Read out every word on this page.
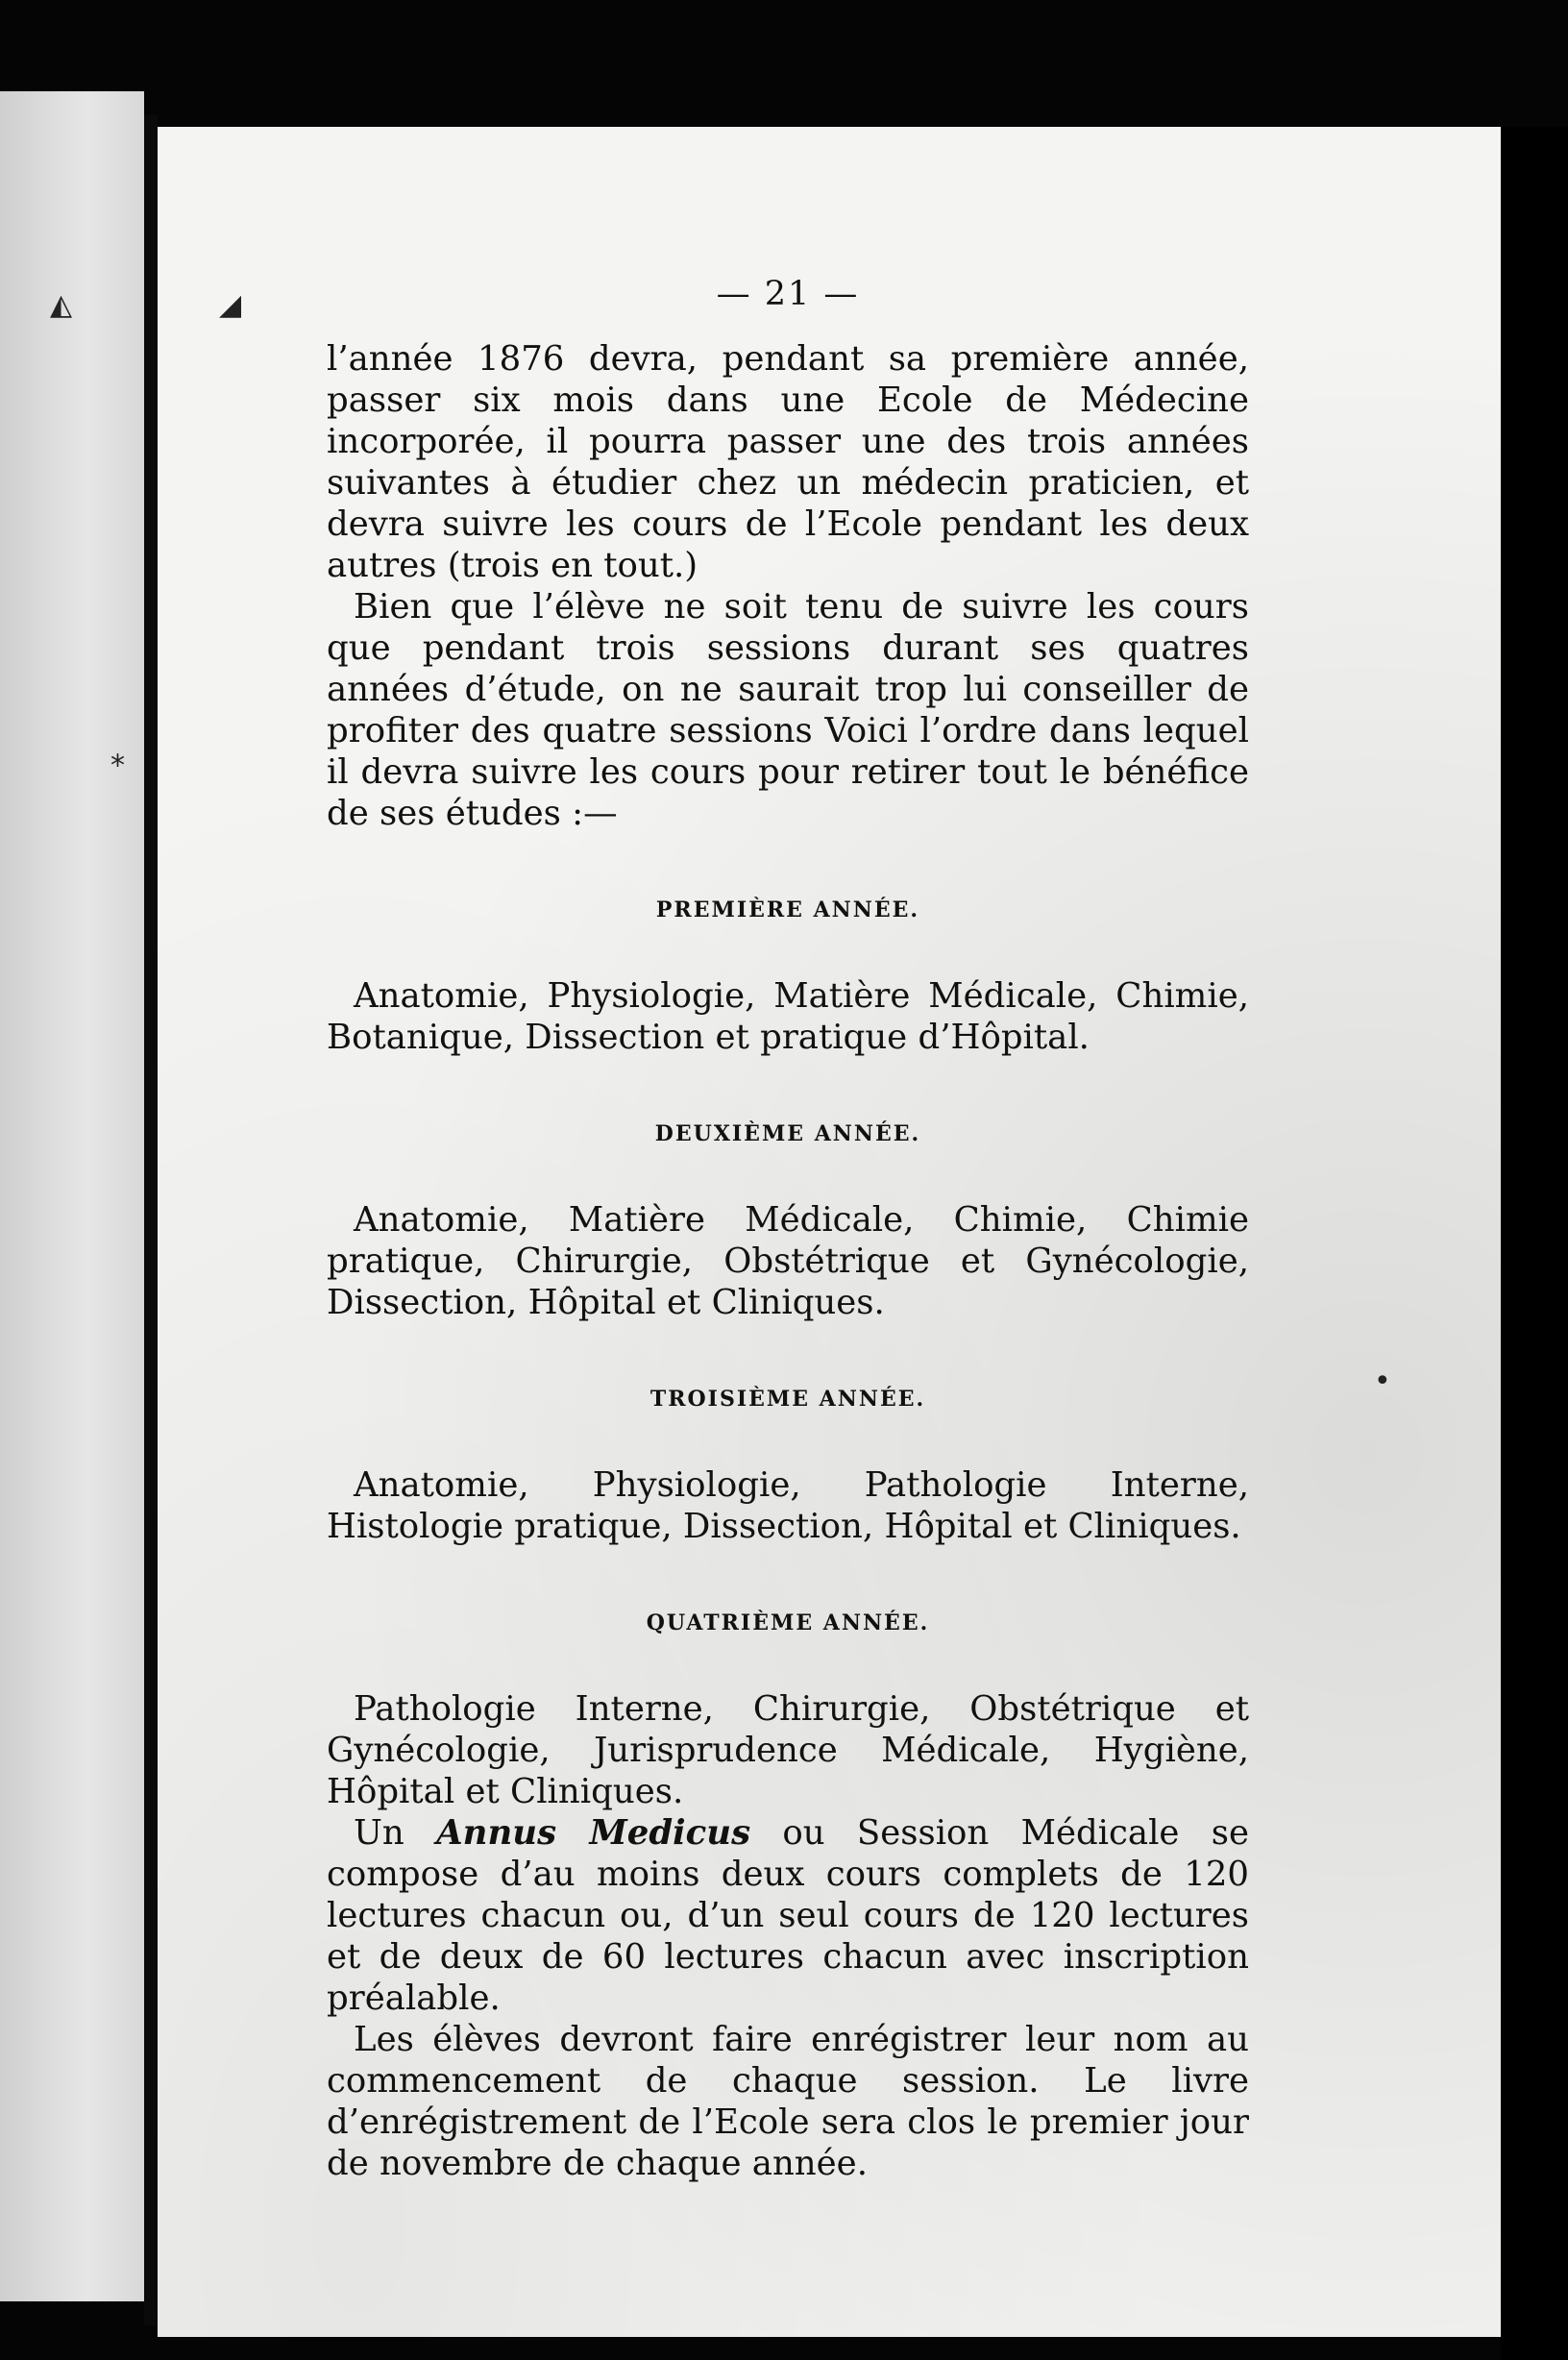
◭	◢
⁎
•

— 21 —

l’année 1876 devra, pendant sa première année, passer six mois dans une Ecole de Médecine incorporée, il pourra passer une des trois années suivantes à étudier chez un médecin praticien, et devra suivre les cours de l’Ecole pendant les deux autres (trois en tout.)

Bien que l’élève ne soit tenu de suivre les cours que pendant trois sessions durant ses quatres années d’étude, on ne saurait trop lui conseiller de profiter des quatre sessions Voici l’ordre dans lequel il devra suivre les cours pour retirer tout le bénéfice de ses études :—

PREMIÈRE ANNÉE.

Anatomie, Physiologie, Matière Médicale, Chimie, Botanique, Dissection et pratique d’Hôpital.

DEUXIÈME ANNÉE.

Anatomie, Matière Médicale, Chimie, Chimie pratique, Chirurgie, Obstétrique et Gynécologie, Dissection, Hôpital et Cliniques.

TROISIÈME ANNÉE.

Anatomie, Physiologie, Pathologie Interne, Histologie pratique, Dissection, Hôpital et Cliniques.

QUATRIÈME ANNÉE.

Pathologie Interne, Chirurgie, Obstétrique et Gynécologie, Jurisprudence Médicale, Hygiène, Hôpital et Cliniques.

Un Annus Medicus ou Session Médicale se compose d’au moins deux cours complets de 120 lectures chacun ou, d’un seul cours de 120 lectures et de deux de 60 lectures chacun avec inscription préalable.

Les élèves devront faire enrégistrer leur nom au commencement de chaque session. Le livre d’enrégistrement de l’Ecole sera clos le premier jour de novembre de chaque année.
